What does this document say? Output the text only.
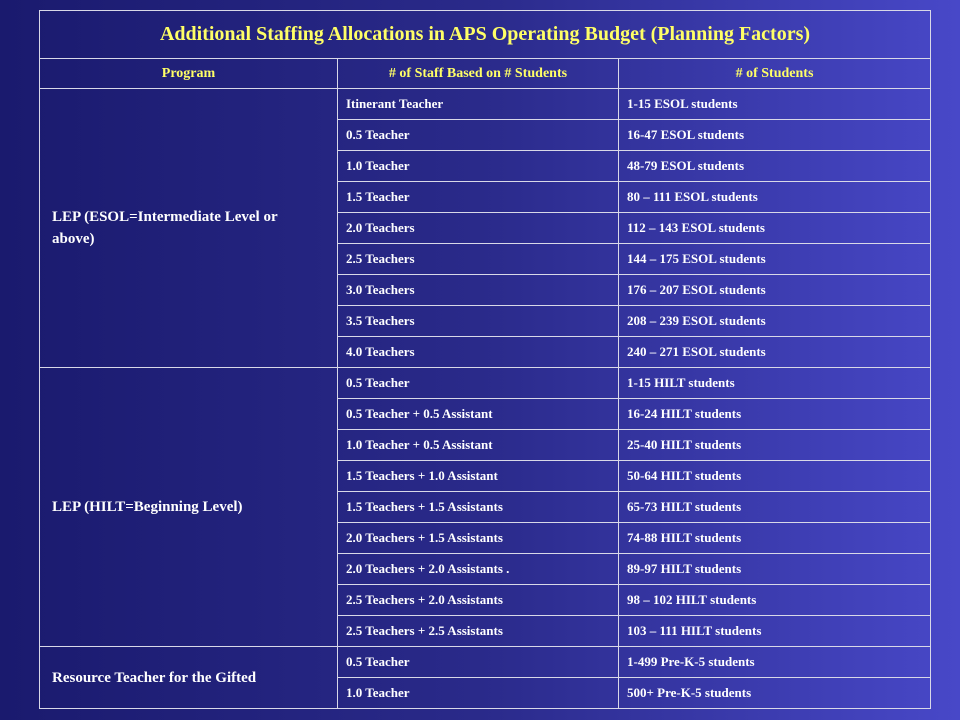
Additional Staffing Allocations in APS Operating Budget (Planning Factors)		
Program	# of Staff Based on # Students	# of Students
LEP (ESOL=Intermediate Level or above)	Itinerant Teacher	1-15 ESOL students
	0.5 Teacher	16-47 ESOL students
	1.0 Teacher	48-79 ESOL students
	1.5 Teacher	80 – 111 ESOL students
	2.0 Teachers	112 – 143 ESOL students
	2.5 Teachers	144 – 175 ESOL students
	3.0 Teachers	176 – 207 ESOL students
	3.5 Teachers	208 – 239 ESOL students
	4.0 Teachers	240 – 271 ESOL students
LEP (HILT=Beginning Level)	0.5 Teacher	1-15 HILT students
	0.5 Teacher + 0.5 Assistant	16-24 HILT students
	1.0 Teacher + 0.5 Assistant	25-40 HILT students
	1.5 Teachers + 1.0 Assistant	50-64 HILT students
	1.5 Teachers + 1.5 Assistants	65-73 HILT students
	2.0 Teachers + 1.5 Assistants	74-88 HILT students
	2.0 Teachers + 2.0 Assistants .	89-97 HILT students
	2.5 Teachers + 2.0 Assistants	98 – 102 HILT students
	2.5 Teachers + 2.5 Assistants	103 – 111 HILT students
Resource Teacher for the Gifted	0.5 Teacher	1-499 Pre-K-5 students
	1.0 Teacher	500+ Pre-K-5 students
